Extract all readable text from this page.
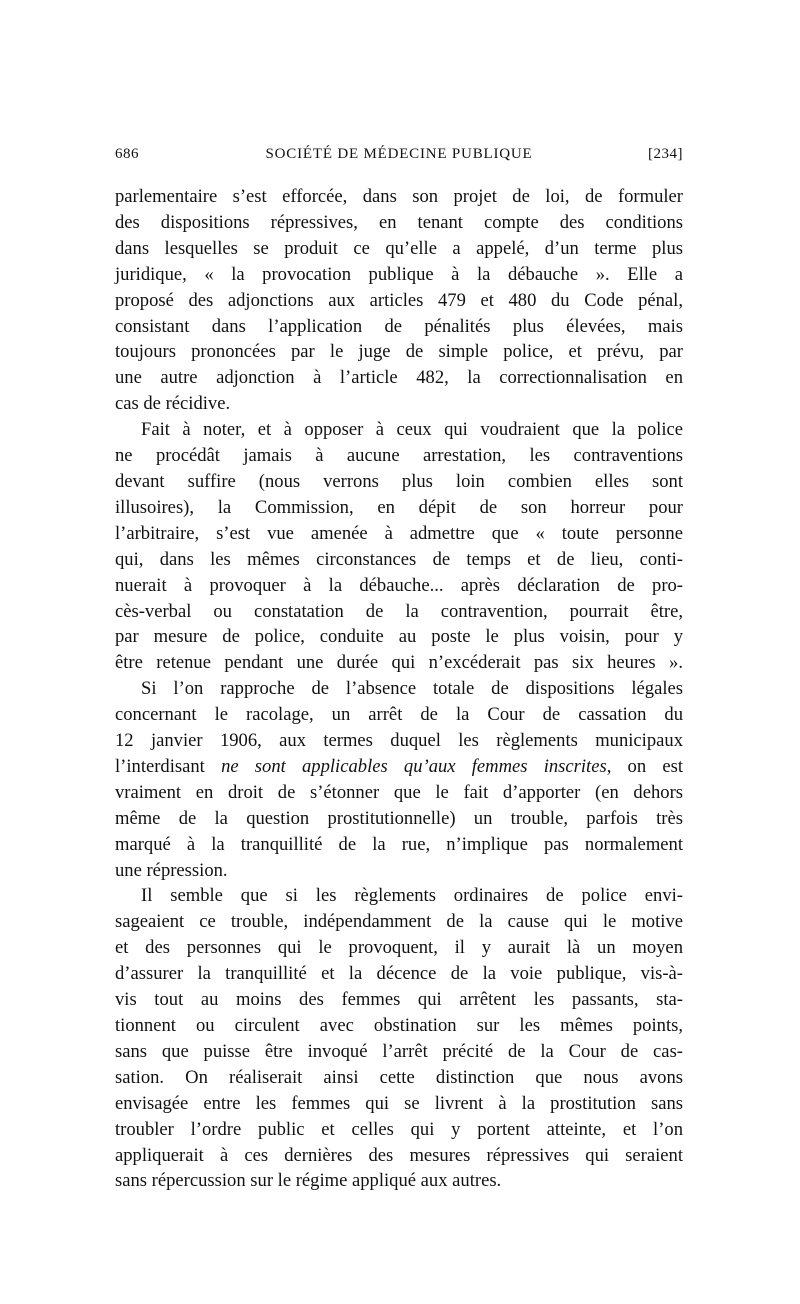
686	SOCIÉTÉ DE MÉDECINE PUBLIQUE	[234]

parlementaire s’est efforcée, dans son projet de loi, de formuler
des dispositions répressives, en tenant compte des conditions
dans lesquelles se produit ce qu’elle a appelé, d’un terme plus
juridique, « la provocation publique à la débauche ». Elle a
proposé des adjonctions aux articles 479 et 480 du Code pénal,
consistant dans l’application de pénalités plus élevées, mais
toujours prononcées par le juge de simple police, et prévu, par
une autre adjonction à l’article 482, la correctionnalisation en
cas de récidive.

Fait à noter, et à opposer à ceux qui voudraient que la police
ne procédât jamais à aucune arrestation, les contraventions
devant suffire (nous verrons plus loin combien elles sont
illusoires), la Commission, en dépit de son horreur pour
l’arbitraire, s’est vue amenée à admettre que « toute personne
qui, dans les mêmes circonstances de temps et de lieu, conti-
nuerait à provoquer à la débauche... après déclaration de pro-
cès-verbal ou constatation de la contravention, pourrait être,
par mesure de police, conduite au poste le plus voisin, pour y
être retenue pendant une durée qui n’excéderait pas six heures ».

Si l’on rapproche de l’absence totale de dispositions légales
concernant le racolage, un arrêt de la Cour de cassation du
12 janvier 1906, aux termes duquel les règlements municipaux
l’interdisant ne sont applicables qu’aux femmes inscrites, on est
vraiment en droit de s’étonner que le fait d’apporter (en dehors
même de la question prostitutionnelle) un trouble, parfois très
marqué à la tranquillité de la rue, n’implique pas normalement
une répression.

Il semble que si les règlements ordinaires de police envi-
sageaient ce trouble, indépendamment de la cause qui le motive
et des personnes qui le provoquent, il y aurait là un moyen
d’assurer la tranquillité et la décence de la voie publique, vis-à-
vis tout au moins des femmes qui arrêtent les passants, sta-
tionnent ou circulent avec obstination sur les mêmes points,
sans que puisse être invoqué l’arrêt précité de la Cour de cas-
sation. On réaliserait ainsi cette distinction que nous avons
envisagée entre les femmes qui se livrent à la prostitution sans
troubler l’ordre public et celles qui y portent atteinte, et l’on
appliquerait à ces dernières des mesures répressives qui seraient
sans répercussion sur le régime appliqué aux autres.
